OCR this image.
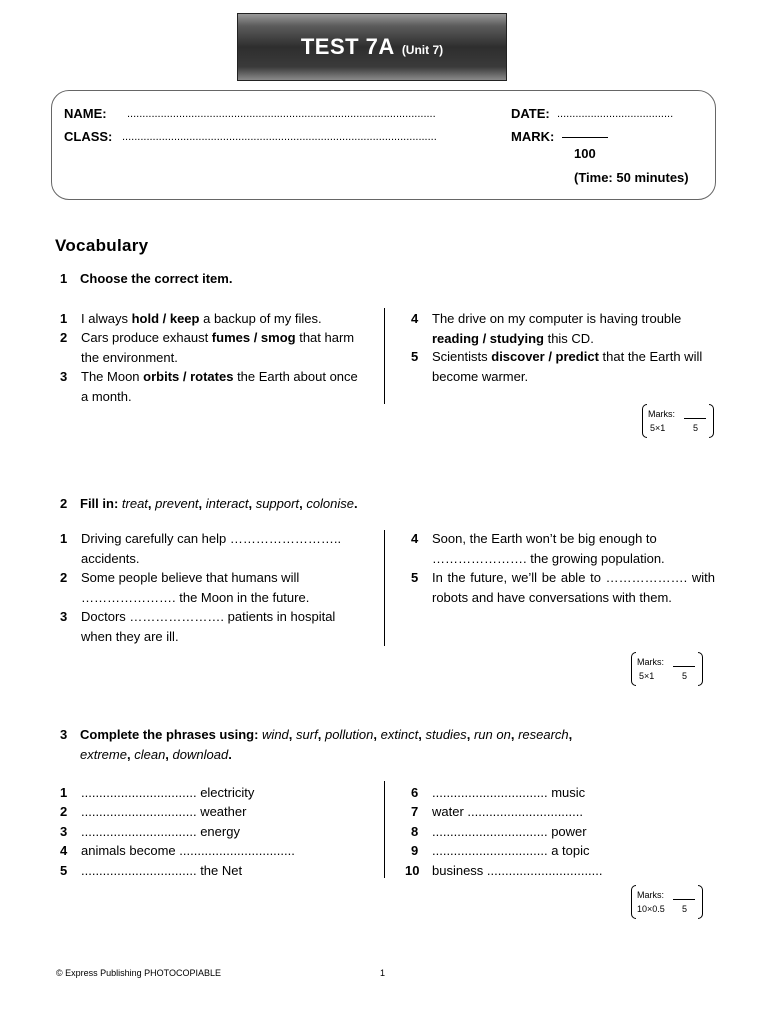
TEST 7A (Unit 7)
NAME: .....................................................................................................	DATE: ......................................
CLASS: .......................................................................................................	MARK:
100
(Time: 50 minutes)
Vocabulary
1 Choose the correct item.
1	I always hold / keep a backup of my files.
2	Cars produce exhaust fumes / smog that harm the environment.
3	The Moon orbits / rotates the Earth about once a month.
4	The drive on my computer is having trouble reading / studying this CD.
5	Scientists discover / predict that the Earth will become warmer.
Marks:
5×1	5
2 Fill in: treat, prevent, interact, support, colonise.
1	Driving carefully can help …………………….. accidents.
2	Some people believe that humans will …………………. the Moon in the future.
3	Doctors …………………. patients in hospital when they are ill.
4	Soon, the Earth won’t be big enough to …………………. the growing population.
5	In the future, we’ll be able to ………………. with robots and have conversations with them.
Marks:
5×1	5
3 Complete the phrases using: wind, surf, pollution, extinct, studies, run on, research,
extreme, clean, download.
1	................................ electricity
2	................................ weather
3	................................ energy
4	animals become ................................
5	................................ the Net
6	................................ music
7	water ................................
8	................................ power
9	................................ a topic
10 business ................................
Marks:
10×0.5 5
© Express Publishing PHOTOCOPIABLE	1
